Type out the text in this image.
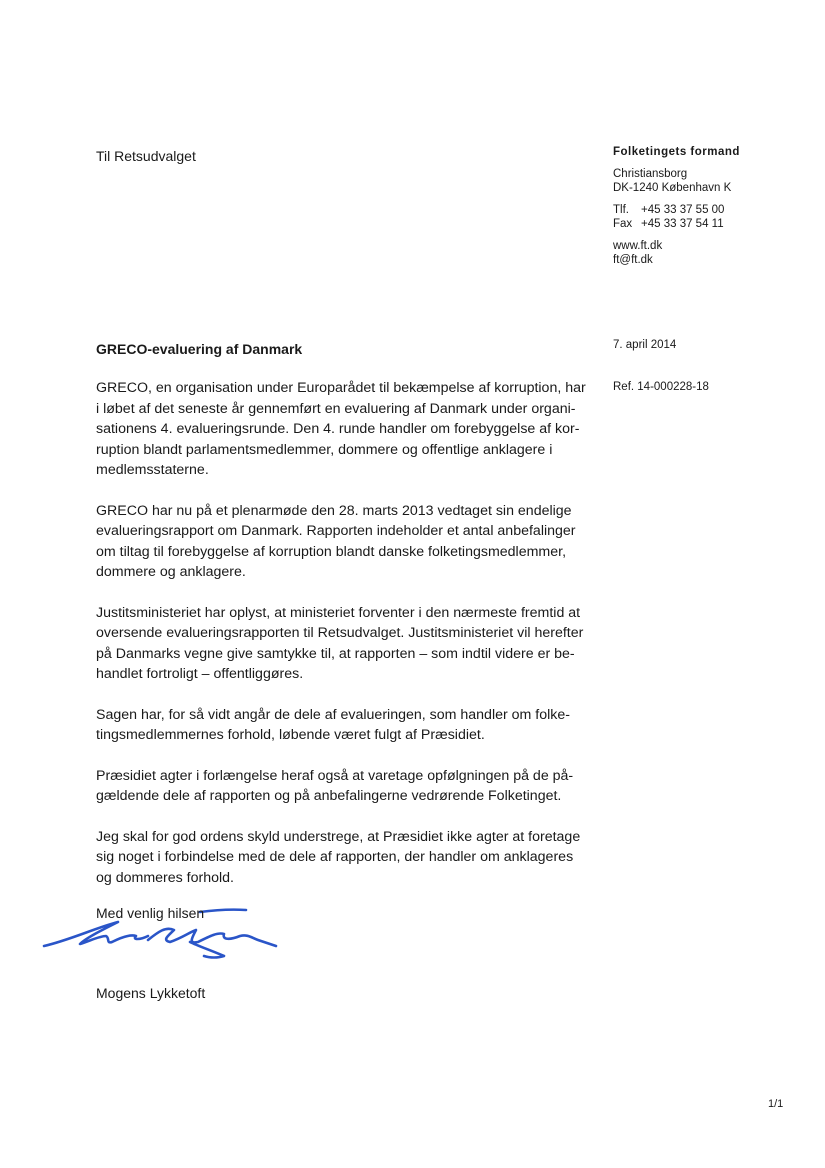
Til Retsudvalget	Folketingets formand
Christiansborg
DK-1240 København K
Tlf.	+45 33 37 55 00
Fax +45 33 37 54 11
www.ft.dk
ft@ft.dk
7. april 2014
Ref. 14-000228-18
GRECO-evaluering af Danmark

GRECO, en organisation under Europarådet til bekæmpelse af korruption, har
i løbet af det seneste år gennemført en evaluering af Danmark under organi-
sationens 4. evalueringsrunde. Den 4. runde handler om forebyggelse af kor-
ruption blandt parlamentsmedlemmer, dommere og offentlige anklagere i
medlemsstaterne.

GRECO har nu på et plenarmøde den 28. marts 2013 vedtaget sin endelige
evalueringsrapport om Danmark. Rapporten indeholder et antal anbefalinger
om tiltag til forebyggelse af korruption blandt danske folketingsmedlemmer,
dommere og anklagere.

Justitsministeriet har oplyst, at ministeriet forventer i den nærmeste fremtid at
oversende evalueringsrapporten til Retsudvalget. Justitsministeriet vil herefter
på Danmarks vegne give samtykke til, at rapporten – som indtil videre er be-
handlet fortroligt – offentliggøres.

Sagen har, for så vidt angår de dele af evalueringen, som handler om folke-
tingsmedlemmernes forhold, løbende været fulgt af Præsidiet.

Præsidiet agter i forlængelse heraf også at varetage opfølgningen på de på-
gældende dele af rapporten og på anbefalingerne vedrørende Folketinget.

Jeg skal for god ordens skyld understrege, at Præsidiet ikke agter at foretage
sig noget i forbindelse med de dele af rapporten, der handler om anklageres
og dommeres forhold.

Med venlig hilsen
Mogens Lykketoft
1/1
